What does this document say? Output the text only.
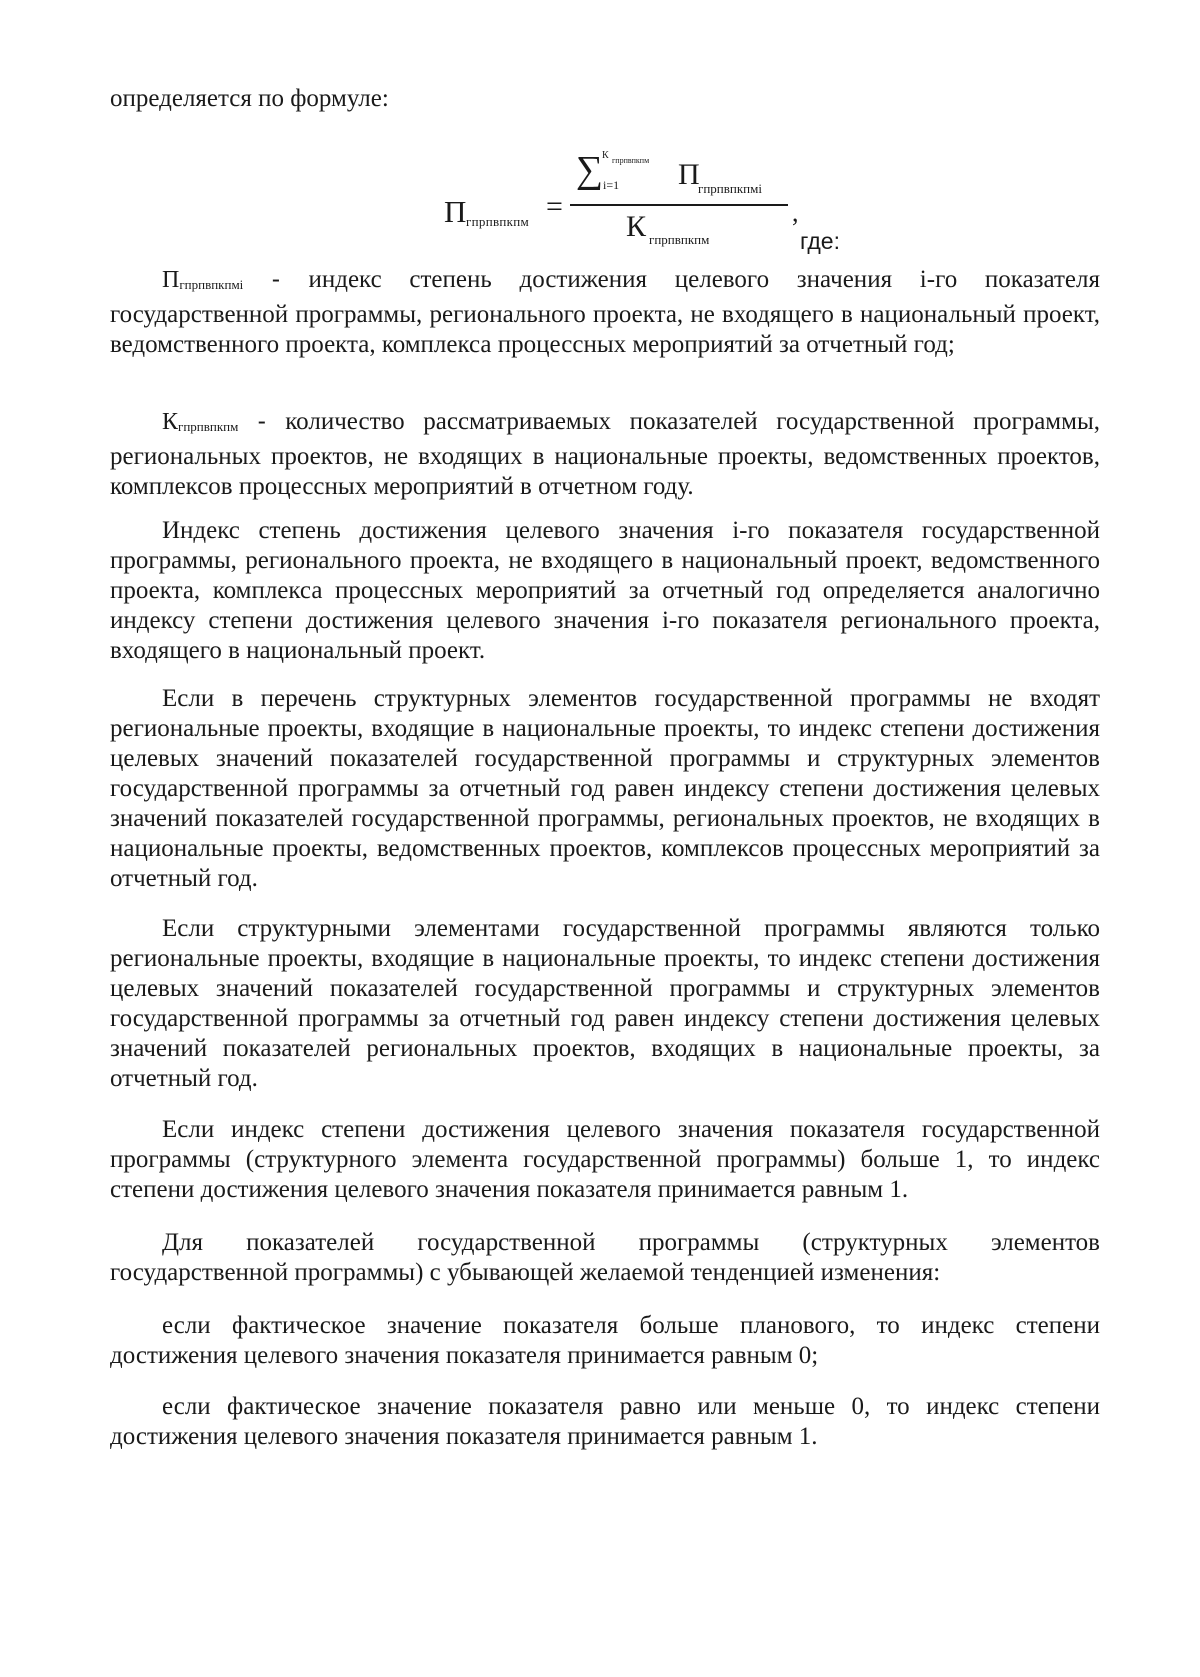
определяется по формуле:
П гпрпвпкпм =
∑
К гпрпвпкпм
i=1 П
гпрпвпкпмi
К гпрпвпкпм
,
где:

Пгпрпвпкпмi - индекс степень достижения целевого значения i-го показателя государственной программы, регионального проекта, не входящего в национальный проект, ведомственного проекта, комплекса процессных мероприятий за отчетный год;

Кгпрпвпкпм - количество рассматриваемых показателей государственной программы, региональных проектов, не входящих в национальные проекты, ведомственных проектов, комплексов процессных мероприятий в отчетном году.

Индекс степень достижения целевого значения i-го показателя государственной программы, регионального проекта, не входящего в национальный проект, ведомственного проекта, комплекса процессных мероприятий за отчетный год определяется аналогично индексу степени достижения целевого значения i-го показателя регионального проекта, входящего в национальный проект.

Если в перечень структурных элементов государственной программы не входят региональные проекты, входящие в национальные проекты, то индекс степени достижения целевых значений показателей государственной программы и структурных элементов государственной программы за отчетный год равен индексу степени достижения целевых значений показателей государственной программы, региональных проектов, не входящих в национальные проекты, ведомственных проектов, комплексов процессных мероприятий за отчетный год.

Если структурными элементами государственной программы являются только региональные проекты, входящие в национальные проекты, то индекс степени достижения целевых значений показателей государственной программы и структурных элементов государственной программы за отчетный год равен индексу степени достижения целевых значений показателей региональных проектов, входящих в национальные проекты, за отчетный год.

Если индекс степени достижения целевого значения показателя государственной программы (структурного элемента государственной программы) больше 1, то индекс степени достижения целевого значения показателя принимается равным 1.

Для показателей государственной программы (структурных элементов государственной программы) с убывающей желаемой тенденцией изменения:

если фактическое значение показателя больше планового, то индекс степени достижения целевого значения показателя принимается равным 0;

если фактическое значение показателя равно или меньше 0, то индекс степени достижения целевого значения показателя принимается равным 1.
